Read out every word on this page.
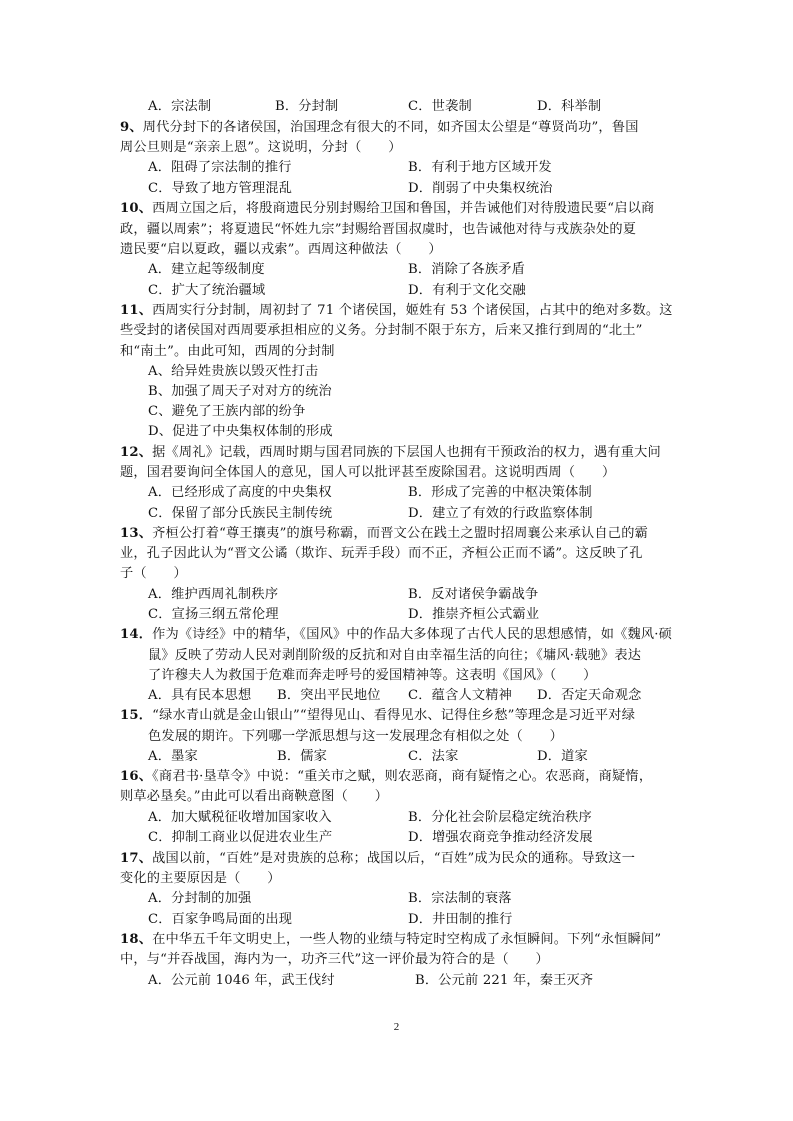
A．宗法制	B．分封制	C．世袭制	D．科举制
9、周代分封下的各诸侯国，治国理念有很大的不同，如齐国太公望是“尊贤尚功”，鲁国
周公旦则是“亲亲上恩”。这说明，分封（　　）
A．阻碍了宗法制的推行	B．有利于地方区域开发
C．导致了地方管理混乱	D．削弱了中央集权统治
10、西周立国之后，将殷商遗民分别封赐给卫国和鲁国，并告诫他们对待殷遗民要“启以商
政，疆以周索”；将夏遗民“怀姓九宗”封赐给晋国叔虞时，也告诫他对待与戎族杂处的夏
遗民要“启以夏政，疆以戎索”。西周这种做法（　　）
A．建立起等级制度	B．消除了各族矛盾
C．扩大了统治疆域	D．有利于文化交融
11、西周实行分封制，周初封了 71 个诸侯国，姬姓有 53 个诸侯国，占其中的绝对多数。这
些受封的诸侯国对西周要承担相应的义务。分封制不限于东方，后来又推行到周的“北土”
和“南土”。由此可知，西周的分封制
A、给异姓贵族以毁灭性打击
B、加强了周天子对对方的统治
C、避免了王族内部的纷争
D、促进了中央集权体制的形成
12、据《周礼》记载，西周时期与国君同族的下层国人也拥有干预政治的权力，遇有重大问
题，国君要询问全体国人的意见，国人可以批评甚至废除国君。这说明西周（　　）
A．已经形成了高度的中央集权	B．形成了完善的中枢决策体制
C．保留了部分氏族民主制传统	D．建立了有效的行政监察体制
13、齐桓公打着“尊王攘夷”的旗号称霸，而晋文公在践土之盟时招周襄公来承认自己的霸
业，孔子因此认为“晋文公谲（欺诈、玩弄手段）而不正，齐桓公正而不谲”。这反映了孔
子（　　）
A．维护西周礼制秩序	B．反对诸侯争霸战争
C．宣扬三纲五常伦理	D．推崇齐桓公式霸业
14．作为《诗经》中的精华，《国风》中的作品大多体现了古代人民的思想感情，如《魏风·硕
鼠》反映了劳动人民对剥削阶级的反抗和对自由幸福生活的向往；《墉风·载驰》表达
了许穆夫人为救国于危难而奔走呼号的爱国精神等。这表明《国风》（　　）
A．具有民本思想 B．突出平民地位 C．蕴含人文精神 D．否定天命观念
15．“绿水青山就是金山银山”“望得见山、看得见水、记得住乡愁”等理念是习近平对绿
色发展的期许。下列哪一学派思想与这一发展理念有相似之处（　　）
A．墨家	B．儒家	C．法家	D．道家
16、《商君书·垦草令》中说：“重关市之赋，则农恶商，商有疑惰之心。农恶商，商疑惰，
则草必垦矣。”由此可以看出商鞅意图（　　）
A．加大赋税征收增加国家收入	B．分化社会阶层稳定统治秩序
C．抑制工商业以促进农业生产	D．增强农商竞争推动经济发展
17、战国以前，“百姓”是对贵族的总称；战国以后，“百姓”成为民众的通称。导致这一
变化的主要原因是（　　）
A．分封制的加强	B．宗法制的衰落
C．百家争鸣局面的出现	D．井田制的推行
18、在中华五千年文明史上，一些人物的业绩与特定时空构成了永恒瞬间。下列“永恒瞬间”
中，与“并吞战国，海内为一，功齐三代”这一评价最为符合的是（　　）
A．公元前 1046 年，武王伐纣	B．公元前 221 年，秦王灭齐
2
